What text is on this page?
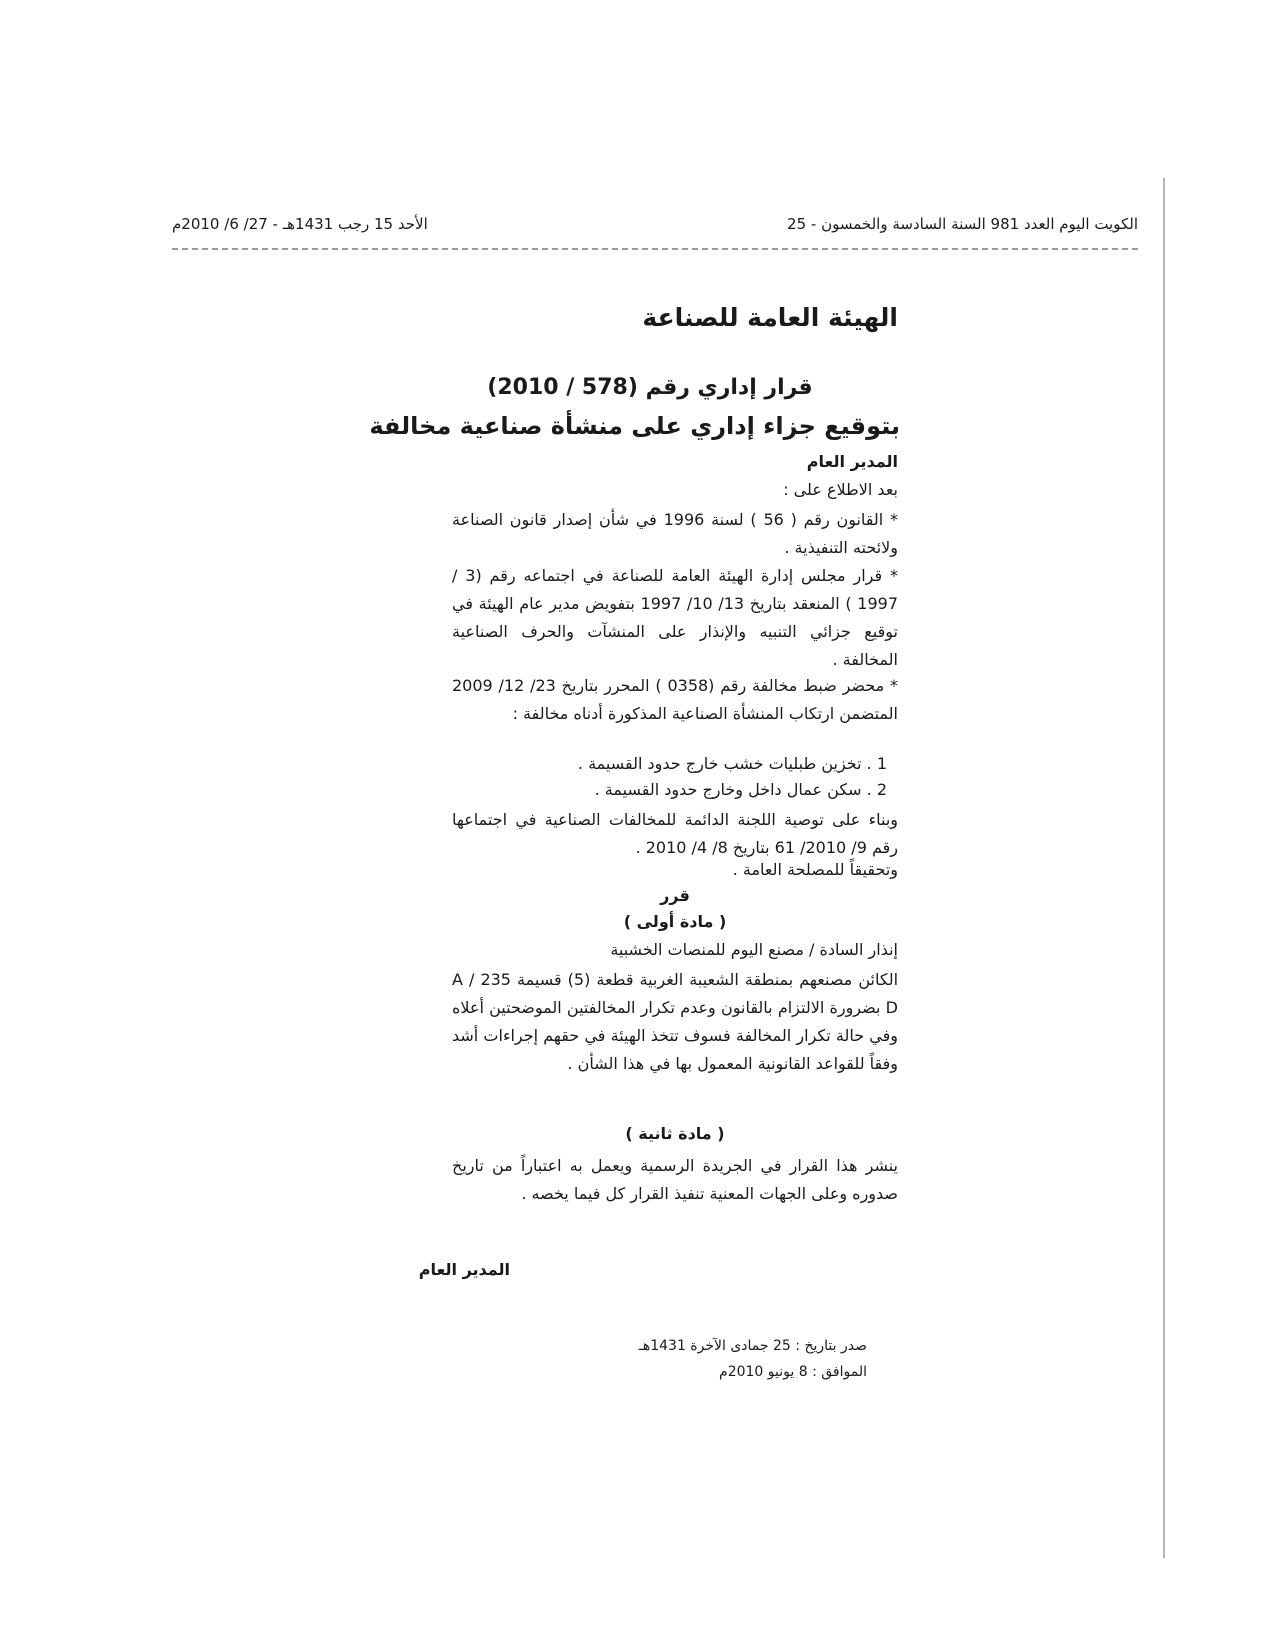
الكويت اليوم العدد 981 السنة السادسة والخمسون - 25
الأحد 15 رجب 1431هـ - 27/ 6/ 2010م
الهيئة العامة للصناعة
قرار إداري رقم (578 / 2010)
بتوقيع جزاء إداري على منشأة صناعية مخالفة
المدير العام
بعد الاطلاع على :
* القانون رقم ( 56 ) لسنة 1996 في شأن إصدار قانون الصناعة ولائحته التنفيذية .
* قرار مجلس إدارة الهيئة العامة للصناعة في اجتماعه رقم (3 / 1997 ) المنعقد بتاريخ 13/ 10/ 1997 بتفويض مدير عام الهيئة في توقيع جزائي التنبيه والإنذار على المنشآت والحرف الصناعية المخالفة .
* محضر ضبط مخالفة رقم (0358 ) المحرر بتاريخ 23/ 12/ 2009 المتضمن ارتكاب المنشأة الصناعية المذكورة أدناه مخالفة :
1 . تخزين طبليات خشب خارج حدود القسيمة .
2 . سكن عمال داخل وخارج حدود القسيمة .
وبناء على توصية اللجنة الدائمة للمخالفات الصناعية في اجتماعها رقم 9/ 2010/ 61 بتاريخ 8/ 4/ 2010 .
وتحقيقاً للمصلحة العامة .
قرر
( مادة أولى )
إنذار السادة / مصنع اليوم للمنصات الخشبية
الكائن مصنعهم بمنطقة الشعيبة الغربية قطعة (5) قسيمة A / 235 D بضرورة الالتزام بالقانون وعدم تكرار المخالفتين الموضحتين أعلاه وفي حالة تكرار المخالفة فسوف تتخذ الهيئة في حقهم إجراءات أشد وفقاً للقواعد القانونية المعمول بها في هذا الشأن .
( مادة ثانية )
ينشر هذا القرار في الجريدة الرسمية ويعمل به اعتباراً من تاريخ صدوره وعلى الجهات المعنية تنفيذ القرار كل فيما يخصه .
المدير العام
صدر بتاريخ : 25 جمادى الآخرة 1431هـ
الموافق : 8 يونيو 2010م
